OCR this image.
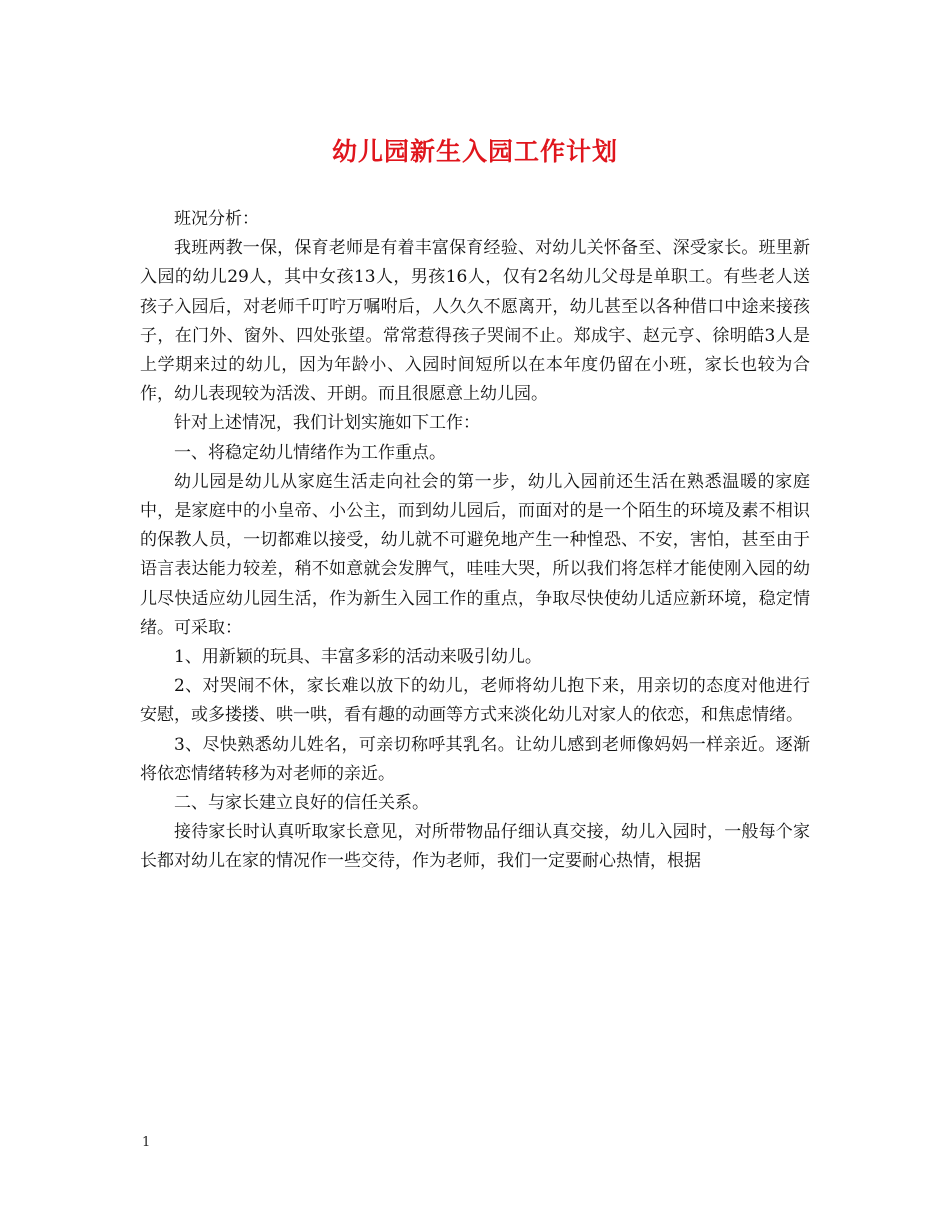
幼儿园新生入园工作计划

班况分析：

我班两教一保，保育老师是有着丰富保育经验、对幼儿关怀备至、深受家长。班里新入园的幼儿29人，其中女孩13人，男孩16人，仅有2名幼儿父母是单职工。有些老人送孩子入园后，对老师千叮咛万嘱咐后，人久久不愿离开，幼儿甚至以各种借口中途来接孩子，在门外、窗外、四处张望。常常惹得孩子哭闹不止。郑成宇、赵元亨、徐明皓3人是上学期来过的幼儿，因为年龄小、入园时间短所以在本年度仍留在小班，家长也较为合作，幼儿表现较为活泼、开朗。而且很愿意上幼儿园。

针对上述情况，我们计划实施如下工作：

一、将稳定幼儿情绪作为工作重点。

幼儿园是幼儿从家庭生活走向社会的第一步，幼儿入园前还生活在熟悉温暖的家庭中，是家庭中的小皇帝、小公主，而到幼儿园后，而面对的是一个陌生的环境及素不相识的保教人员，一切都难以接受，幼儿就不可避免地产生一种惶恐、不安，害怕，甚至由于语言表达能力较差，稍不如意就会发脾气，哇哇大哭，所以我们将怎样才能使刚入园的幼儿尽快适应幼儿园生活，作为新生入园工作的重点，争取尽快使幼儿适应新环境，稳定情绪。可采取：

1、用新颖的玩具、丰富多彩的活动来吸引幼儿。

2、对哭闹不休，家长难以放下的幼儿，老师将幼儿抱下来，用亲切的态度对他进行安慰，或多搂搂、哄一哄，看有趣的动画等方式来淡化幼儿对家人的依恋，和焦虑情绪。

3、尽快熟悉幼儿姓名，可亲切称呼其乳名。让幼儿感到老师像妈妈一样亲近。逐渐将依恋情绪转移为对老师的亲近。

二、与家长建立良好的信任关系。

接待家长时认真听取家长意见，对所带物品仔细认真交接，幼儿入园时，一般每个家长都对幼儿在家的情况作一些交待，作为老师，我们一定要耐心热情，根据

1
